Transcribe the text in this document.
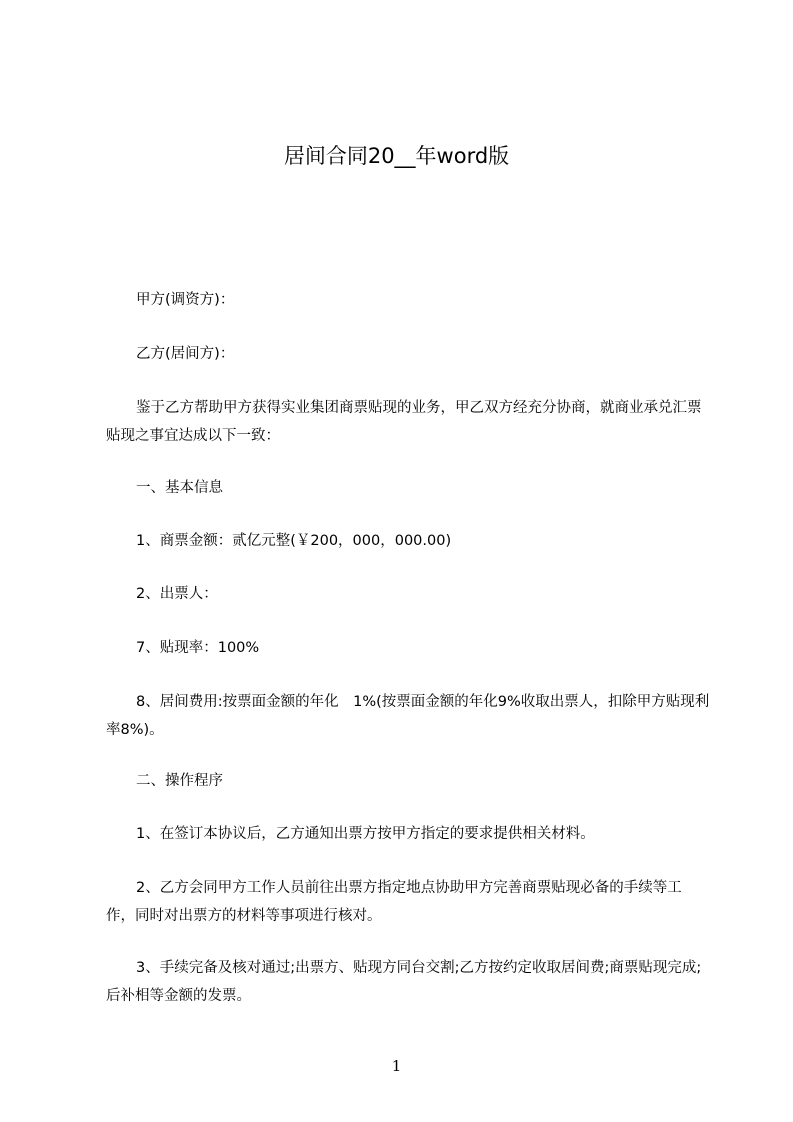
居间合同20__年word版
甲方(调资方)：
乙方(居间方)：
鉴于乙方帮助甲方获得实业集团商票贴现的业务，甲乙双方经充分协商，就商业承兑汇票贴现之事宜达成以下一致：
一、基本信息
1、商票金额：贰亿元整(￥200，000，000.00)
2、出票人：
7、贴现率：100%
8、居间费用:按票面金额的年化　1%(按票面金额的年化9%收取出票人，扣除甲方贴现利率8%)。
二、操作程序
1、在签订本协议后，乙方通知出票方按甲方指定的要求提供相关材料。
2、乙方会同甲方工作人员前往出票方指定地点协助甲方完善商票贴现必备的手续等工作，同时对出票方的材料等事项进行核对。
3、手续完备及核对通过;出票方、贴现方同台交割;乙方按约定收取居间费;商票贴现完成;后补相等金额的发票。
1
